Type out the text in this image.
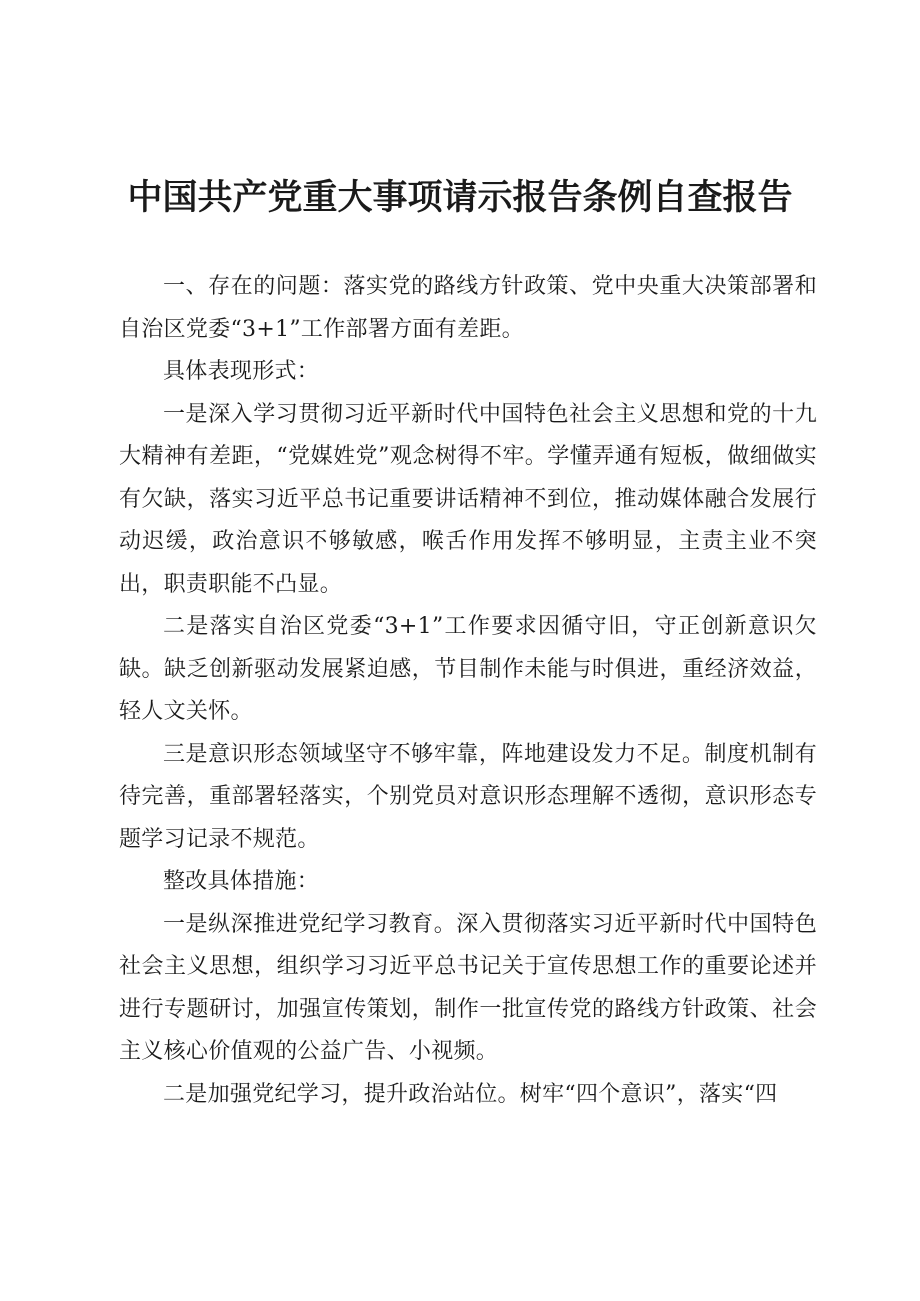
中国共产党重大事项请示报告条例自查报告

一、存在的问题：落实党的路线方针政策、党中央重大决策部署和自治区党委“3+1”工作部署方面有差距。

具体表现形式：

一是深入学习贯彻习近平新时代中国特色社会主义思想和党的十九大精神有差距，“党媒姓党”观念树得不牢。学懂弄通有短板，做细做实有欠缺，落实习近平总书记重要讲话精神不到位，推动媒体融合发展行动迟缓，政治意识不够敏感，喉舌作用发挥不够明显，主责主业不突出，职责职能不凸显。

二是落实自治区党委“3+1”工作要求因循守旧，守正创新意识欠缺。缺乏创新驱动发展紧迫感，节目制作未能与时俱进，重经济效益，轻人文关怀。

三是意识形态领域坚守不够牢靠，阵地建设发力不足。制度机制有待完善，重部署轻落实，个别党员对意识形态理解不透彻，意识形态专题学习记录不规范。

整改具体措施：

一是纵深推进党纪学习教育。深入贯彻落实习近平新时代中国特色社会主义思想，组织学习习近平总书记关于宣传思想工作的重要论述并进行专题研讨，加强宣传策划，制作一批宣传党的路线方针政策、社会主义核心价值观的公益广告、小视频。

二是加强党纪学习，提升政治站位。树牢“四个意识”，落实“四
